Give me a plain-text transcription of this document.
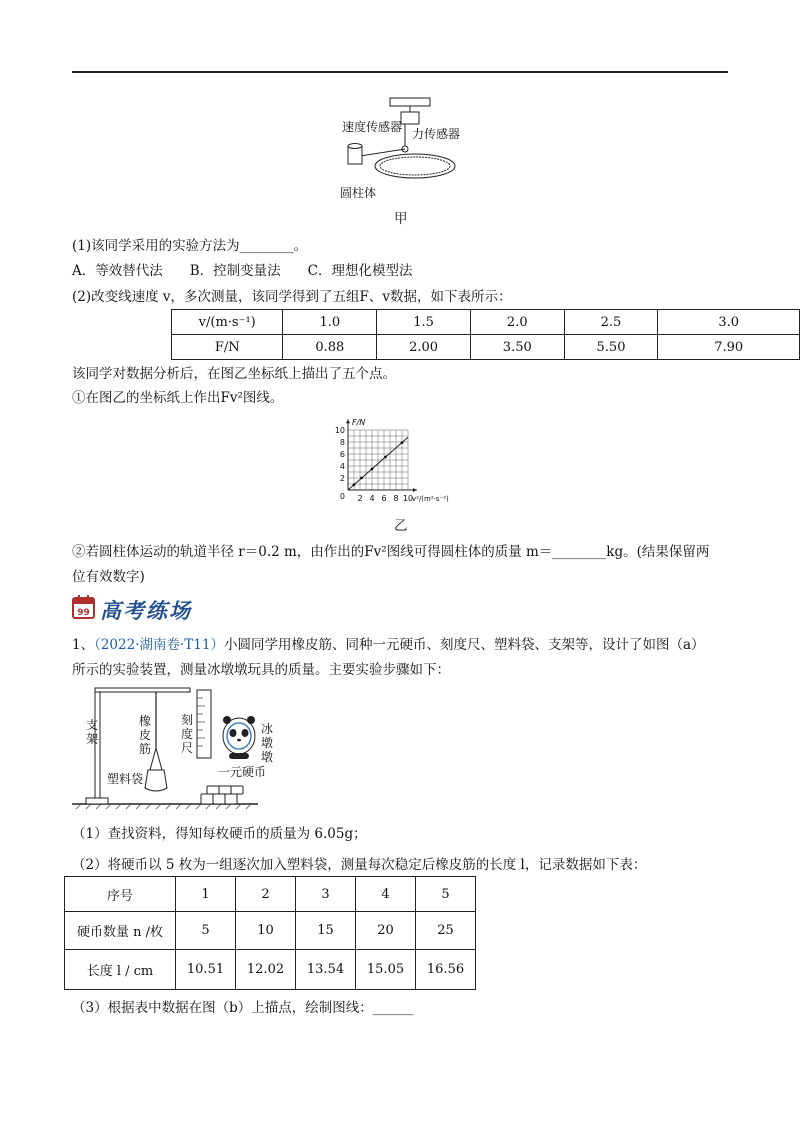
速度传感器 力传感器
圆柱体
甲
(1)该同学采用的实验方法为________。
A．等效替代法　　B．控制变量法　　C．理想化模型法
(2)改变线速度 v，多次测量，该同学得到了五组F、v数据，如下表所示：
v/(m·s⁻¹)	1.0	1.5	2.0	2.5	3.0
F/N	0.88	2.00	3.50	5.50	7.90
该同学对数据分析后，在图乙坐标纸上描出了五个点。
①在图乙的坐标纸上作出Fv²图线。
2 4 6 8 10
2
4
6
8
10
0	v²/(m²·s⁻²)
F/N
乙
②若圆柱体运动的轨道半径 r＝0.2 m，由作出的Fv²图线可得圆柱体的质量 m＝________kg。(结果保留两
位有效数字)
99 高考练场
1、（2022·湖南卷·T11）小圆同学用橡皮筋、同种一元硬币、刻度尺、塑料袋、支架等，设计了如图（a）
所示的实验装置，测量冰墩墩玩具的质量。主要实验步骤如下：
支架
橡皮筋
刻度尺
塑料袋
冰墩墩
一元硬币
（1）查找资料，得知每枚硬币的质量为 6.05g；
（2）将硬币以 5 枚为一组逐次加入塑料袋，测量每次稳定后橡皮筋的长度 l，记录数据如下表：
序号	1	2	3	4	5
硬币数量 n /枚	5	10	15	20	25
长度 l / cm	10.51	12.02	13.54	15.05	16.56
（3）根据表中数据在图（b）上描点，绘制图线：______
